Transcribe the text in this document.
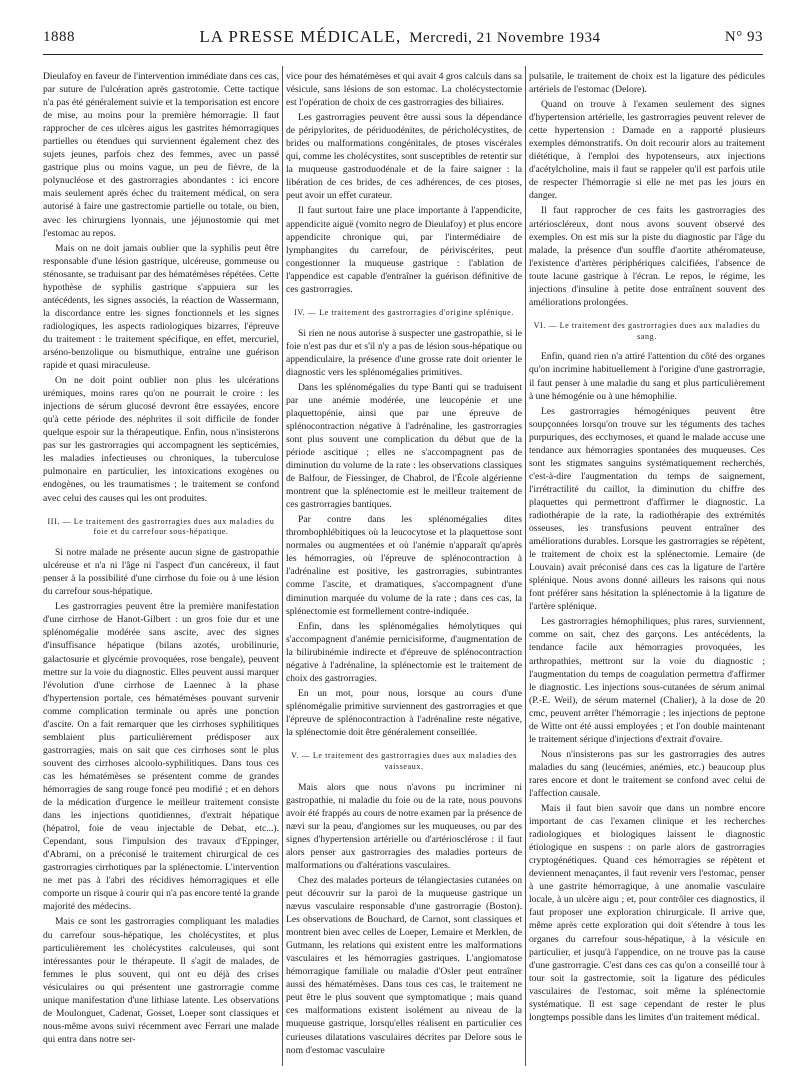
1888	LA PRESSE MÉDICALE, Mercredi, 21 Novembre 1934	N° 93

Dieulafoy en faveur de l'intervention immédiate dans ces cas, par suture de l'ulcération après gastrotomie. Cette tactique n'a pas été généralement suivie et la temporisation est encore de mise, au moins pour la première hémorragie. Il faut rapprocher de ces ulcères aigus les gastrites hémorragiques partielles ou étendues qui surviennent également chez des sujets jeunes, parfois chez des femmes, avec un passé gastrique plus ou moins vague, un peu de fièvre, de la polynucléose et des gastrorragies abondantes : ici encore mais seulement après échec du traitement médical, on sera autorisé à faire une gastrectomie partielle ou totale, ou bien, avec les chirurgiens lyonnais, une jéjunostomie qui met l'estomac au repos.

Mais on ne doit jamais oublier que la syphilis peut être responsable d'une lésion gastrique, ulcéreuse, gommeuse ou sténosante, se traduisant par des hématémèses répétées. Cette hypothèse de syphilis gastrique s'appuiera sur les antécédents, les signes associés, la réaction de Wassermann, la discordance entre les signes fonctionnels et les signes radiologiques, les aspects radiologiques bizarres, l'épreuve du traitement : le traitement spécifique, en effet, mercuriel, arséno-benzolique ou bismuthique, entraîne une guérison rapide et quasi miraculeuse.

On ne doit point oublier non plus les ulcérations urémiques, moins rares qu'on ne pourrait le croire : les injections de sérum glucosé devront être essayées, encore qu'à cette période des néphrites il soit difficile de fonder quelque espoir sur la thérapeutique. Enfin, nous n'insisterons pas sur les gastrorragies qui accompagnent les septicémies, les maladies infectieuses ou chroniques, la tuberculose pulmonaire en particulier, les intoxications exogènes ou endogènes, ou les traumatismes ; le traitement se confond avec celui des causes qui les ont produites.

III. — Le traitement des gastrorragies dues aux maladies du foie et du carrefour sous-hépatique.

Si notre malade ne présente aucun signe de gastropathie ulcéreuse et n'a ni l'âge ni l'aspect d'un cancéreux, il faut penser à la possibilité d'une cirrhose du foie ou à une lésion du carrefour sous-hépatique.

Les gastrorragies peuvent être la première manifestation d'une cirrhose de Hanot-Gilbert : un gros foie dur et une splénomégalie modérée sans ascite, avec des signes d'insuffisance hépatique (bilans azotés, urobilinurie, galactosurie et glycémie provoquées, rose bengale), peuvent mettre sur la voie du diagnostic. Elles peuvent aussi marquer l'évolution d'une cirrhose de Laennec à la phase d'hypertension portale, ces hématémèses pouvant survenir comme complication terminale ou après une ponction d'ascite. On a fait remarquer que les cirrhoses syphilitiques semblaient plus particulièrement prédisposer aux gastrorragies, mais on sait que ces cirrhoses sont le plus souvent des cirrhoses alcoolo-syphilitiques. Dans tous ces cas les hématémèses se présentent comme de grandes hémorragies de sang rouge foncé peu modifié ; et en dehors de la médication d'urgence le meilleur traitement consiste dans les injections quotidiennes, d'extrait hépatique (hépatrol, foie de veau injectable de Debat, etc...). Cependant, sous l'impulsion des travaux d'Eppinger, d'Abrami, on a préconisé le traitement chirurgical de ces gastrorragies cirrhotiques par la splénectomie. L'intervention ne met pas à l'abri des récidives hémorragiques et elle comporte un risque à courir qui n'a pas encore tenté la grande majorité des médecins.

Mais ce sont les gastrorragies compliquant les maladies du carrefour sous-hépatique, les cholécystites, et plus particulièrement les cholécystites calculeuses, qui sont intéressantes pour le thérapeute. Il s'agit de malades, de femmes le plus souvent, qui ont eu déjà des crises vésiculaires ou qui présentent une gastrorragie comme unique manifestation d'une lithiase latente. Les observations de Moulonguet, Cadenat, Gosset, Loeper sont classiques et nous-même avons suivi récemment avec Ferrari une malade qui entra dans notre ser-

vice pour des hématémèses et qui avait 4 gros calculs dans sa vésicule, sans lésions de son estomac. La cholécystectomie est l'opération de choix de ces gastrorragies des biliaires.

Les gastrorragies peuvent être aussi sous la dépendance de péripylorites, de périduodénites, de péricholécystites, de brides ou malformations congénitales, de ptoses viscérales qui, comme les cholécystites, sont susceptibles de retentir sur la muqueuse gastroduodénale et de la faire saigner : la libération de ces brides, de ces adhérences, de ces ptoses, peut avoir un effet curateur.

Il faut surtout faire une place importante à l'appendicite, appendicite aiguë (vomito negro de Dieulafoy) et plus encore appendicite chronique qui, par l'intermédiaire de lymphangites du carrefour, de périviscérites, peut congestionner la muqueuse gastrique : l'ablation de l'appendice est capable d'entraîner la guérison définitive de ces gastrorragies.

IV. — Le traitement des gastrorragies d'origine splénique.

Si rien ne nous autorise à suspecter une gastropathie, si le foie n'est pas dur et s'il n'y a pas de lésion sous-hépatique ou appendiculaire, la présence d'une grosse rate doit orienter le diagnostic vers les splénomégalies primitives.

Dans les splénomégalies du type Banti qui se traduisent par une anémie modérée, une leucopénie et une plaquettopénie, ainsi que par une épreuve de splénocontraction négative à l'adrénaline, les gastrorragies sont plus souvent une complication du début que de la période ascitique ; elles ne s'accompagnent pas de diminution du volume de la rate : les observations classiques de Balfour, de Fiessinger, de Chabrol, de l'École algérienne montrent que la splénectomie est le meilleur traitement de ces gastrorragies bantiques.

Par contre dans les splénomégalies dites thrombophlébitiques où la leucocytose et la plaquettose sont normales ou augmentées et où l'anémie n'apparaît qu'après les hémorragies, où l'épreuve de splénocontraction à l'adrénaline est positive, les gastrorragies, subintrantes comme l'ascite, et dramatiques, s'accompagnent d'une diminution marquée du volume de la rate ; dans ces cas, la splénectomie est formellement contre-indiquée.

Enfin, dans les splénomégalies hémolytiques qui s'accompagnent d'anémie pernicisiforme, d'augmentation de la bilirubinémie indirecte et d'épreuve de splénocontraction négative à l'adrénaline, la splénectomie est le traitement de choix des gastrorragies.

En un mot, pour nous, lorsque au cours d'une splénomégalie primitive surviennent des gastrorragies et que l'épreuve de splénocontraction à l'adrénaline reste négative, la splénectomie doit être généralement conseillée.

V. — Le traitement des gastrorragies dues aux maladies des vaisseaux.

Mais alors que nous n'avons pu incriminer ni gastropathie, ni maladie du foie ou de la rate, nous pouvons avoir été frappés au cours de notre examen par la présence de nævi sur la peau, d'angiomes sur les muqueuses, ou par des signes d'hypertension artérielle ou d'artériosclérose : il faut alors penser aux gastrorragies des maladies porteurs de malformations ou d'altérations vasculaires.

Chez des malades porteurs de télangiectasies cutanées on peut découvrir sur la paroi de la muqueuse gastrique un nævus vasculaire responsable d'une gastrorragie (Boston). Les observations de Bouchard, de Carnot, sont classiques et montrent bien avec celles de Loeper, Lemaire et Merklen, de Gutmann, les relations qui existent entre les malformations vasculaires et les hémorragies gastriques. L'angiomatose hémorragique familiale ou maladie d'Osler peut entraîner aussi des hématémèses. Dans tous ces cas, le traitement ne peut être le plus souvent que symptomatique ; mais quand ces malformations existent isolément au niveau de la muqueuse gastrique, lorsqu'elles réalisent en particulier ces curieuses dilatations vasculaires décrites par Delore sous le nom d'estomac vasculaire

pulsatile, le traitement de choix est la ligature des pédicules artériels de l'estomac (Delore).

Quand on trouve à l'examen seulement des signes d'hypertension artérielle, les gastrorragies peuvent relever de cette hypertension : Damade en a rapporté plusieurs exemples démonstratifs. On doit recourir alors au traitement diététique, à l'emploi des hypotenseurs, aux injections d'acétylcholine, mais il faut se rappeler qu'il est parfois utile de respecter l'hémorragie si elle ne met pas les jours en danger.

Il faut rapprocher de ces faits les gastrorragies des artérioscléreux, dont nous avons souvent observé des exemples. On est mis sur la piste du diagnostic par l'âge du malade, la présence d'un souffle d'aortite athéromateuse, l'existence d'artères périphériques calcifiées, l'absence de toute lacune gastrique à l'écran. Le repos, le régime, les injections d'insuline à petite dose entraînent souvent des améliorations prolongées.

VI. — Le traitement des gastrorragies dues aux maladies du sang.

Enfin, quand rien n'a attiré l'attention du côté des organes qu'on incrimine habituellement à l'origine d'une gastrorragie, il faut penser à une maladie du sang et plus particulièrement à une hémogénie ou à une hémophilie.

Les gastrorragies hémogéniques peuvent être soupçonnées lorsqu'on trouve sur les téguments des taches purpuriques, des ecchymoses, et quand le malade accuse une tendance aux hémorragies spontanées des muqueuses. Ces sont les stigmates sanguins systématiquement recherchés, c'est-à-dire l'augmentation du temps de saignement, l'irrétractilité du caillot, la diminution du chiffre des plaquettes qui permettront d'affirmer le diagnostic. La radiothérapie de la rate, la radiothérapie des extrémités osseuses, les transfusions peuvent entraîner des améliorations durables. Lorsque les gastrorragies se répètent, le traitement de choix est la splénectomie. Lemaire (de Louvain) avait préconisé dans ces cas la ligature de l'artère splénique. Nous avons donné ailleurs les raisons qui nous font préférer sans hésitation la splénectomie à la ligature de l'artère splénique.

Les gastrorragies hémophiliques, plus rares, surviennent, comme on sait, chez des garçons. Les antécédents, la tendance facile aux hémorragies provoquées, les arthropathies, mettront sur la voie du diagnostic ; l'augmentation du temps de coagulation permettra d'affirmer le diagnostic. Les injections sous-cutanées de sérum animal (P.-E. Weil), de sérum maternel (Chalier), à la dose de 20 cmc, peuvent arrêter l'hémorragie ; les injections de peptone de Witte ont été aussi employées ; et l'on double maintenant le traitement sérique d'injections d'extrait d'ovaire.

Nous n'insisterons pas sur les gastrorragies des autres maladies du sang (leucémies, anémies, etc.) beaucoup plus rares encore et dont le traitement se confond avec celui de l'affection causale.

Mais il faut bien savoir que dans un nombre encore important de cas l'examen clinique et les recherches radiologiques et biologiques laissent le diagnostic étiologique en suspens : on parle alors de gastrorragies cryptogénétiques. Quand ces hémorragies se répètent et deviennent menaçantes, il faut revenir vers l'estomac, penser à une gastrite hémorragique, à une anomalie vasculaire locale, à un ulcère aigu ; et, pour contrôler ces diagnostics, il faut proposer une exploration chirurgicale. Il arrive que, même après cette exploration qui doit s'étendre à tous les organes du carrefour sous-hépatique, à la vésicule en particulier, et jusqu'à l'appendice, on ne trouve pas la cause d'une gastrorragie. C'est dans ces cas qu'on a conseillé tour à tour soit la gastrectomie, soit la ligature des pédicules vasculaires de l'estomac, soit même la splénectomie systématique. Il est sage cependant de rester le plus longtemps possible dans les limites d'un traitement médical.
